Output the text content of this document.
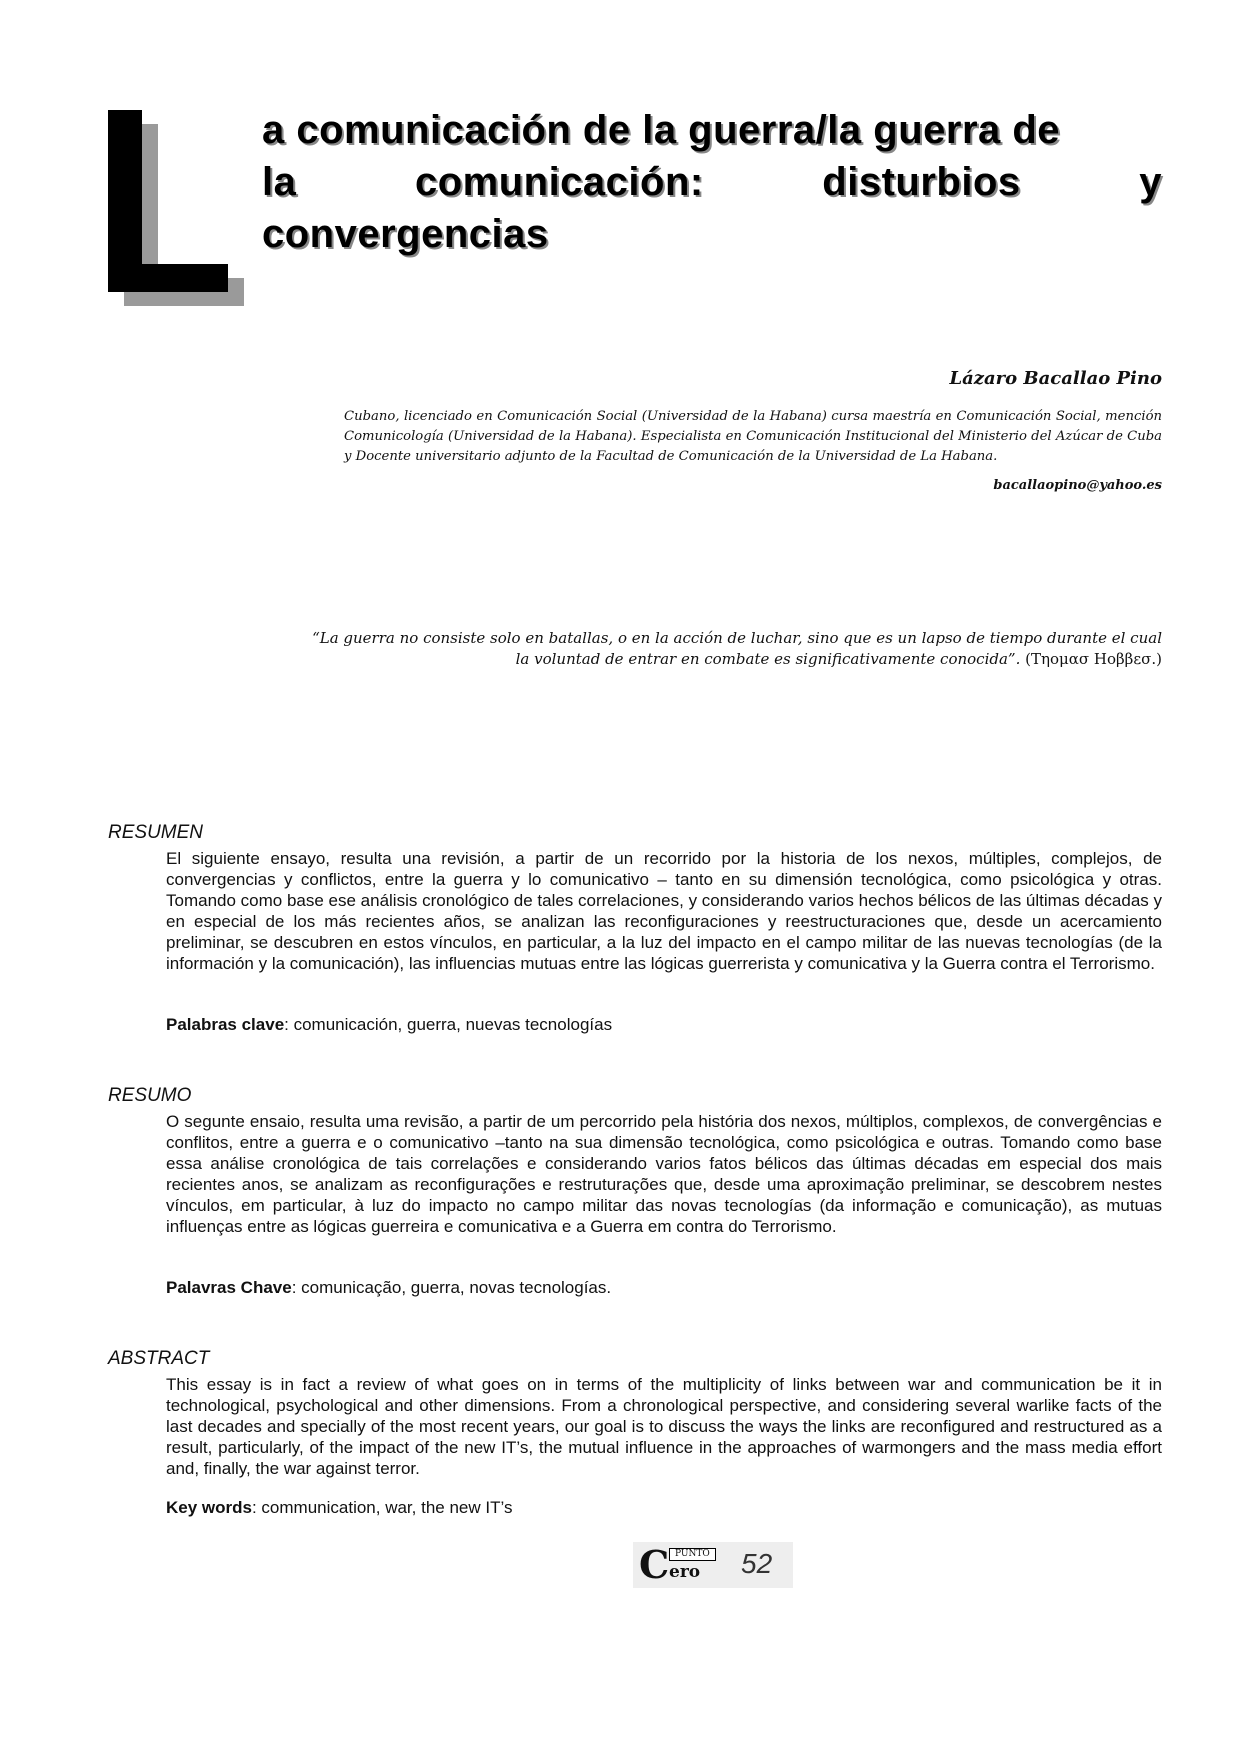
a comunicación de la guerra/la guerra de
la comunicación: disturbios y
convergencias
Lázaro Bacallao Pino
Cubano, licenciado en Comunicación Social (Universidad de la Habana) cursa maestría en Comunicación Social, mención Comunicología (Universidad de la Habana). Especialista en Comunicación Institucional del Ministerio del Azúcar de Cuba y Docente universitario adjunto de la Facultad de Comunicación de la Universidad de La Habana.
bacallaopino@yahoo.es
“La guerra no consiste solo en batallas, o en la acción de luchar, sino que es un lapso de tiempo durante el cual la voluntad de entrar en combate es significativamente conocida”. (Τηομασ Ηοββεσ.)
RESUMEN
El siguiente ensayo, resulta una revisión, a partir de un recorrido por la historia de los nexos, múltiples, complejos, de convergencias y conflictos, entre la guerra y lo comunicativo – tanto en su dimensión tecnológica, como psicológica y otras. Tomando como base ese análisis cronológico de tales correlaciones, y considerando varios hechos bélicos de las últimas décadas y en especial de los más recientes años, se analizan las reconfiguraciones y reestructuraciones que, desde un acercamiento preliminar, se descubren en estos vínculos, en particular, a la luz del impacto en el campo militar de las nuevas tecnologías (de la información y la comunicación), las influencias mutuas entre las lógicas guerrerista y comunicativa y la Guerra contra el Terrorismo.
Palabras clave: comunicación, guerra, nuevas tecnologías
RESUMO
O segunte ensaio, resulta uma revisão, a partir de um percorrido pela história dos nexos, múltiplos, complexos, de convergências e conflitos, entre a guerra e o comunicativo –tanto na sua dimensão tecnológica, como psicológica e outras. Tomando como base essa análise cronológica de tais correlações e considerando varios fatos bélicos das últimas décadas em especial dos mais recientes anos, se analizam as reconfigurações e restruturações que, desde uma aproximação preliminar, se descobrem nestes vínculos, em particular, à luz do impacto no campo militar das novas tecnologías (da informação e comunicação), as mutuas influenças entre as lógicas guerreira e comunicativa e a Guerra em contra do Terrorismo.
Palavras Chave: comunicação, guerra, novas tecnologías.
ABSTRACT
This essay is in fact a review of what goes on in terms of the multiplicity of links between war and communication be it in technological, psychological and other dimensions. From a chronological perspective, and considering several warlike facts of the last decades and specially of the most recent years, our goal is to discuss the ways the links are reconfigured and restructured as a result, particularly, of the impact of the new IT’s, the mutual influence in the approaches of warmongers and the mass media effort and, finally, the war against terror.
Key words: communication, war, the new IT’s
C PUNTO
ero 52
